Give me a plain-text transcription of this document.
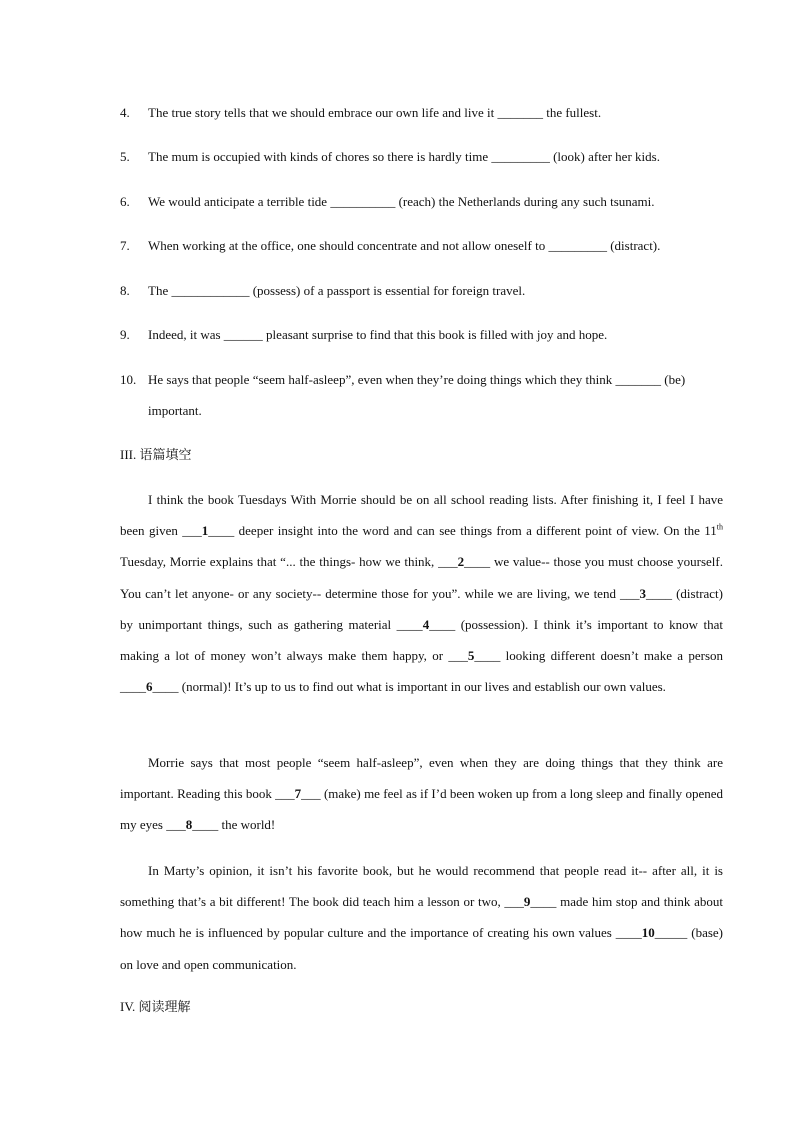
4. The true story tells that we should embrace our own life and live it _______ the fullest.
5. The mum is occupied with kinds of chores so there is hardly time _________ (look) after her kids.
6. We would anticipate a terrible tide __________ (reach) the Netherlands during any such tsunami.
7. When working at the office, one should concentrate and not allow oneself to _________ (distract).
8. The ____________ (possess) of a passport is essential for foreign travel.
9. Indeed, it was ______ pleasant surprise to find that this book is filled with joy and hope.
10. He says that people “seem half-asleep”, even when they’re doing things which they think _______ (be) important.
III. 语篇填空
I think the book Tuesdays With Morrie should be on all school reading lists. After finishing it, I feel I have been given ___1____ deeper insight into the word and can see things from a different point of view. On the 11th Tuesday, Morrie explains that “... the things- how we think, ___2____ we value-- those you must choose yourself. You can’t let anyone- or any society-- determine those for you”. while we are living, we tend ___3____ (distract) by unimportant things, such as gathering material ____4____ (possession). I think it’s important to know that making a lot of money won’t always make them happy, or ___5____ looking different doesn’t make a person ____6____ (normal)! It’s up to us to find out what is important in our lives and establish our own values.
Morrie says that most people “seem half-asleep”, even when they are doing things that they think are important. Reading this book ___7___ (make) me feel as if I’d been woken up from a long sleep and finally opened my eyes ___8____ the world!
In Marty’s opinion, it isn’t his favorite book, but he would recommend that people read it-- after all, it is something that’s a bit different! The book did teach him a lesson or two, ___9____ made him stop and think about how much he is influenced by popular culture and the importance of creating his own values ____10_____ (base) on love and open communication.
IV. 阅读理解
